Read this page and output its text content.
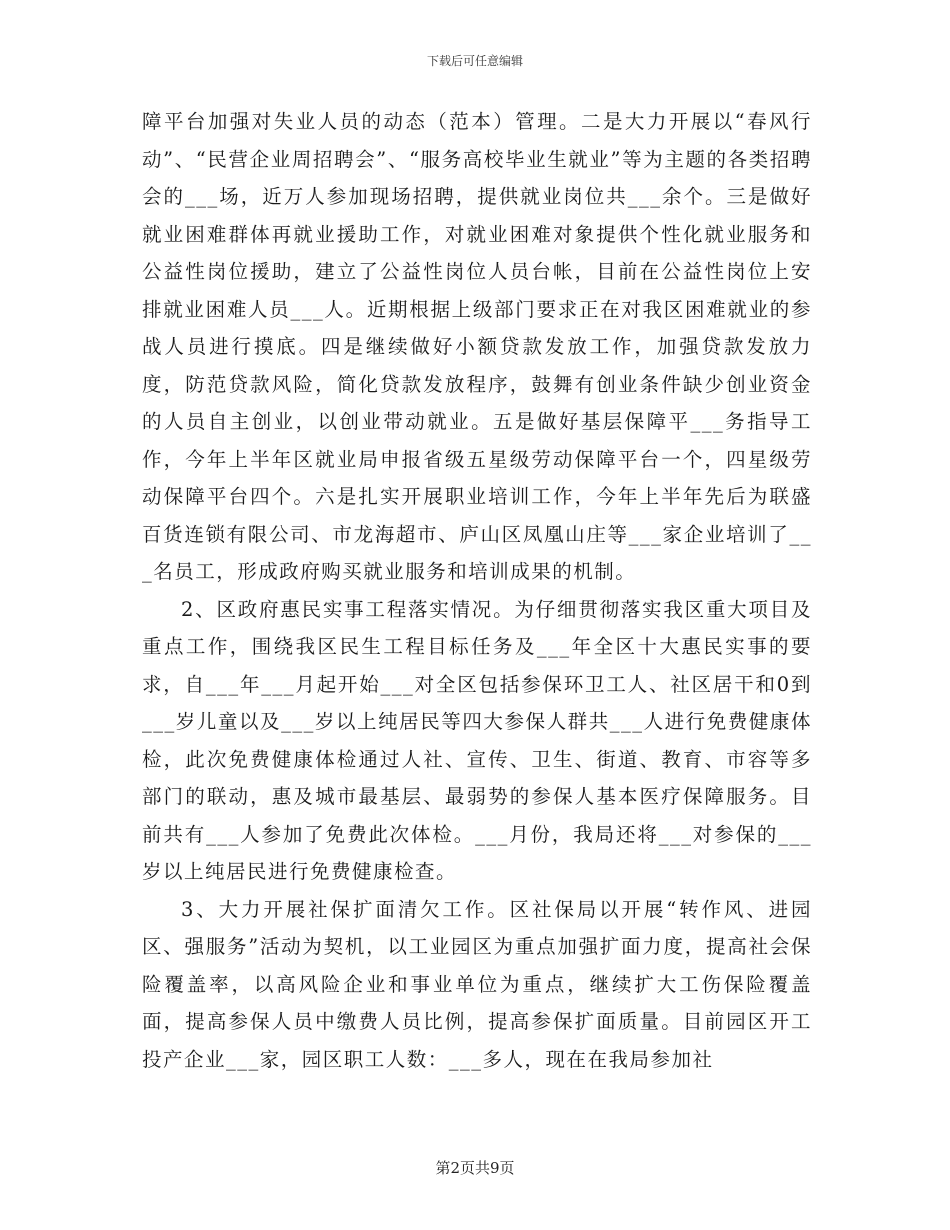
下载后可任意编辑

障平台加强对失业人员的动态（范本）管理。二是大力开展以“春风行动”、“民营企业周招聘会”、“服务高校毕业生就业”等为主题的各类招聘会的___场，近万人参加现场招聘，提供就业岗位共___余个。三是做好就业困难群体再就业援助工作，对就业困难对象提供个性化就业服务和公益性岗位援助，建立了公益性岗位人员台帐，目前在公益性岗位上安排就业困难人员___人。近期根据上级部门要求正在对我区困难就业的参战人员进行摸底。四是继续做好小额贷款发放工作，加强贷款发放力度，防范贷款风险，简化贷款发放程序，鼓舞有创业条件缺少创业资金的人员自主创业，以创业带动就业。五是做好基层保障平___务指导工作，今年上半年区就业局申报省级五星级劳动保障平台一个，四星级劳动保障平台四个。六是扎实开展职业培训工作，今年上半年先后为联盛百货连锁有限公司、市龙海超市、庐山区凤凰山庄等___家企业培训了___名员工，形成政府购买就业服务和培训成果的机制。

2、区政府惠民实事工程落实情况。为仔细贯彻落实我区重大项目及重点工作，围绕我区民生工程目标任务及___年全区十大惠民实事的要求，自___年___月起开始___对全区包括参保环卫工人、社区居干和0到___岁儿童以及___岁以上纯居民等四大参保人群共___人进行免费健康体检，此次免费健康体检通过人社、宣传、卫生、街道、教育、市容等多部门的联动，惠及城市最基层、最弱势的参保人基本医疗保障服务。目前共有___人参加了免费此次体检。___月份，我局还将___对参保的___岁以上纯居民进行免费健康检查。

3、大力开展社保扩面清欠工作。区社保局以开展“转作风、进园区、强服务”活动为契机，以工业园区为重点加强扩面力度，提高社会保险覆盖率，以高风险企业和事业单位为重点，继续扩大工伤保险覆盖面，提高参保人员中缴费人员比例，提高参保扩面质量。目前园区开工投产企业___家，园区职工人数：___多人，现在在我局参加社

第2页共9页
